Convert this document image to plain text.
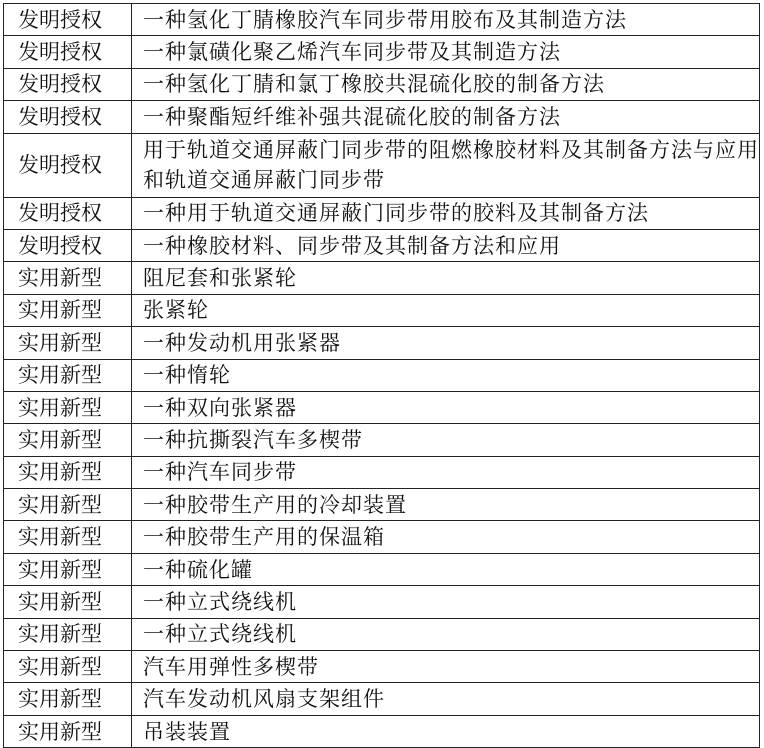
发明授权	一种氢化丁腈橡胶汽车同步带用胶布及其制造方法
发明授权	一种氯磺化聚乙烯汽车同步带及其制造方法
发明授权	一种氢化丁腈和氯丁橡胶共混硫化胶的制备方法
发明授权	一种聚酯短纤维补强共混硫化胶的制备方法
发明授权	用于轨道交通屏蔽门同步带的阻燃橡胶材料及其制备方法与应用和轨道交通屏蔽门同步带
发明授权	一种用于轨道交通屏蔽门同步带的胶料及其制备方法
发明授权	一种橡胶材料、同步带及其制备方法和应用
实用新型	阻尼套和张紧轮
实用新型	张紧轮
实用新型	一种发动机用张紧器
实用新型	一种惰轮
实用新型	一种双向张紧器
实用新型	一种抗撕裂汽车多楔带
实用新型	一种汽车同步带
实用新型	一种胶带生产用的冷却装置
实用新型	一种胶带生产用的保温箱
实用新型	一种硫化罐
实用新型	一种立式绕线机
实用新型	一种立式绕线机
实用新型	汽车用弹性多楔带
实用新型	汽车发动机风扇支架组件
实用新型	吊装装置
